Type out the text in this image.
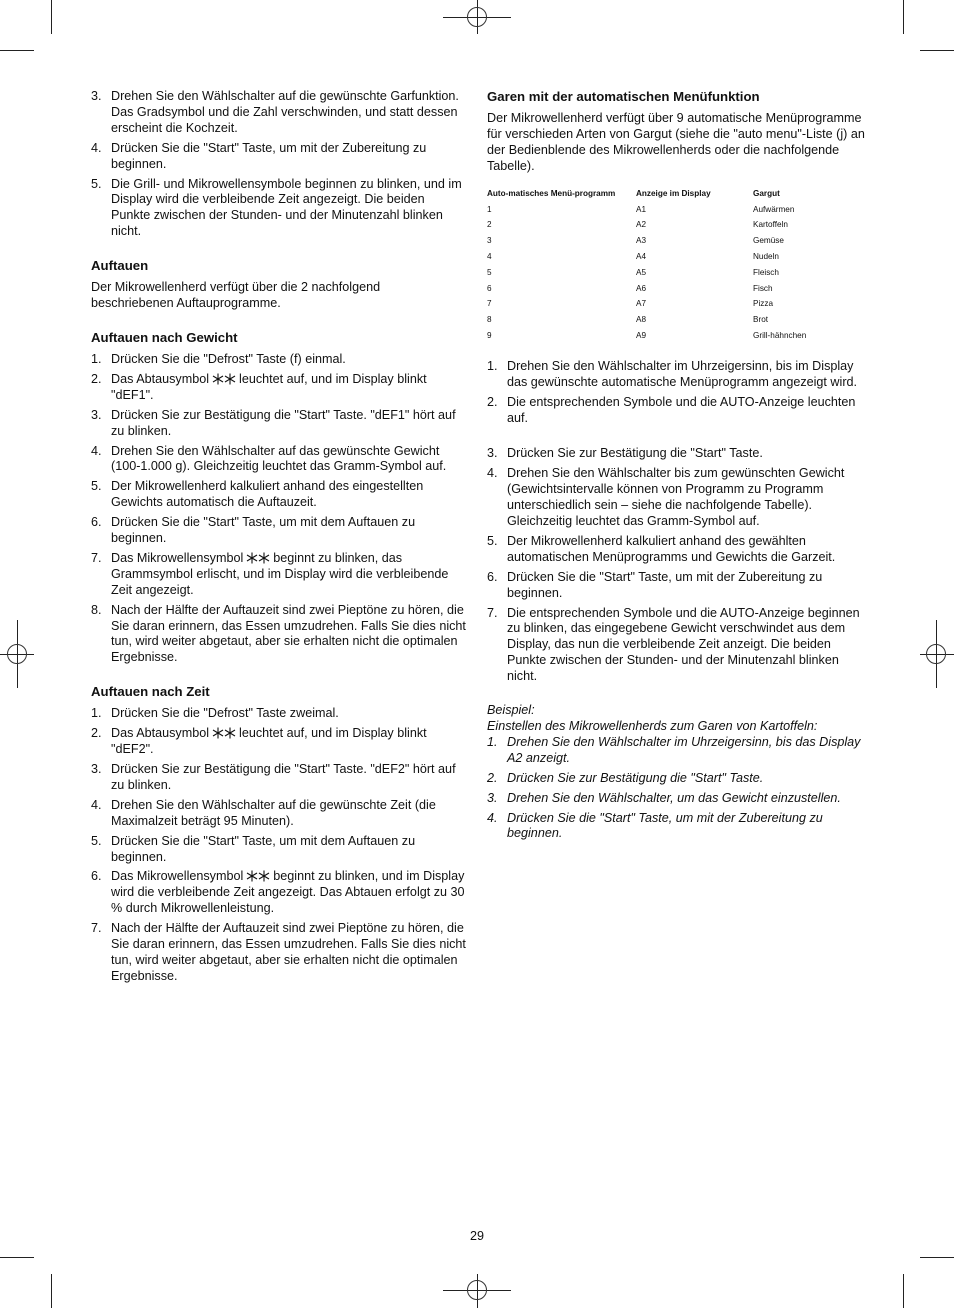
3. Drehen Sie den Wählschalter auf die gewünschte Garfunktion. Das Gradsymbol und die Zahl verschwinden, und statt dessen erscheint die Kochzeit.
4. Drücken Sie die "Start" Taste, um mit der Zubereitung zu beginnen.
5. Die Grill- und Mikrowellensymbole beginnen zu blinken, und im Display wird die verbleibende Zeit angezeigt. Die beiden Punkte zwischen der Stunden- und der Minutenzahl blinken nicht.
Auftauen

Der Mikrowellenherd verfügt über die 2 nachfolgend beschriebenen Auftauprogramme.

Auftauen nach Gewicht
1. Drücken Sie die "Defrost" Taste (f) einmal.
2. Das Abtausymbol leuchtet auf, und im Display blinkt "dEF1".
3. Drücken Sie zur Bestätigung die "Start" Taste. "dEF1" hört auf zu blinken.
4. Drehen Sie den Wählschalter auf das gewünschte Gewicht (100-1.000 g). Gleichzeitig leuchtet das Gramm-Symbol auf.
5. Der Mikrowellenherd kalkuliert anhand des eingestellten Gewichts automatisch die Auftauzeit.
6. Drücken Sie die "Start" Taste, um mit dem Auftauen zu beginnen.
7. Das Mikrowellensymbol beginnt zu blinken, das Grammsymbol erlischt, und im Display wird die verbleibende Zeit angezeigt.
8. Nach der Hälfte der Auftauzeit sind zwei Pieptöne zu hören, die Sie daran erinnern, das Essen umzudrehen. Falls Sie dies nicht tun, wird weiter abgetaut, aber sie erhalten nicht die optimalen Ergebnisse.
Auftauen nach Zeit
1. Drücken Sie die "Defrost" Taste zweimal.
2. Das Abtausymbol leuchtet auf, und im Display blinkt "dEF2".
3. Drücken Sie zur Bestätigung die "Start" Taste. "dEF2" hört auf zu blinken.
4. Drehen Sie den Wählschalter auf die gewünschte Zeit (die Maximalzeit beträgt 95 Minuten).
5. Drücken Sie die "Start" Taste, um mit dem Auftauen zu beginnen.
6. Das Mikrowellensymbol beginnt zu blinken, und im Display wird die verbleibende Zeit angezeigt. Das Abtauen erfolgt zu 30 % durch Mikrowellenleistung.
7. Nach der Hälfte der Auftauzeit sind zwei Pieptöne zu hören, die Sie daran erinnern, das Essen umzudrehen. Falls Sie dies nicht tun, wird weiter abgetaut, aber sie erhalten nicht die optimalen Ergebnisse.
Garen mit der automatischen Menüfunktion

Der Mikrowellenherd verfügt über 9 automatische Menüprogramme für verschieden Arten von Gargut (siehe die "auto menu"-Liste (j) an der Bedienblende des Mikrowellenherds oder die nachfolgende Tabelle).

Auto-matisches Menü-programm	Anzeige im Display	Gargut
1	A1	Aufwärmen
2	A2	Kartoffeln
3	A3	Gemüse
4	A4	Nudeln
5	A5	Fleisch
6	A6	Fisch
7	A7	Pizza
8	A8	Brot
9	A9	Grill-hähnchen
1. Drehen Sie den Wählschalter im Uhrzeigersinn, bis im Display das gewünschte automatische Menüprogramm angezeigt wird.
2. Die entsprechenden Symbole und die AUTO-Anzeige leuchten auf.
3. Drücken Sie zur Bestätigung die "Start" Taste.
4. Drehen Sie den Wählschalter bis zum gewünschten Gewicht (Gewichtsintervalle können von Programm zu Programm unterschiedlich sein – siehe die nachfolgende Tabelle). Gleichzeitig leuchtet das Gramm-Symbol auf.
5. Der Mikrowellenherd kalkuliert anhand des gewählten automatischen Menüprogramms und Gewichts die Garzeit.
6. Drücken Sie die "Start" Taste, um mit der Zubereitung zu beginnen.
7. Die entsprechenden Symbole und die AUTO-Anzeige beginnen zu blinken, das eingegebene Gewicht verschwindet aus dem Display, das nun die verbleibende Zeit anzeigt. Die beiden Punkte zwischen der Stunden- und der Minutenzahl blinken nicht.

Beispiel:

Einstellen des Mikrowellenherds zum Garen von Kartoffeln:

1. Drehen Sie den Wählschalter im Uhrzeigersinn, bis das Display A2 anzeigt.
2. Drücken Sie zur Bestätigung die "Start" Taste.
3. Drehen Sie den Wählschalter, um das Gewicht einzustellen.
4. Drücken Sie die "Start" Taste, um mit der Zubereitung zu beginnen.
29
